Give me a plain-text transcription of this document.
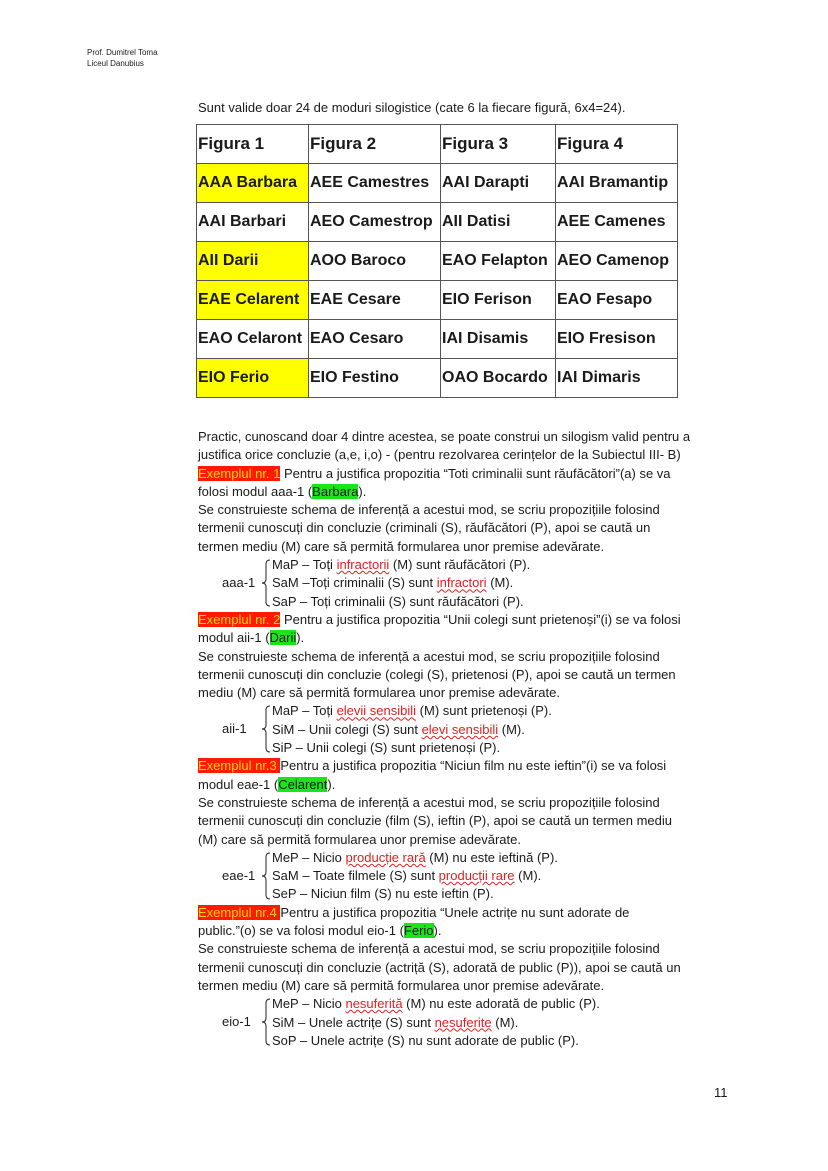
Prof. Dumitrel Toma
Liceul Danubius
Sunt valide doar 24 de moduri silogistice (cate 6 la fiecare figură, 6x4=24).
Figura 1	Figura 2	Figura 3	Figura 4
AAA Barbara	AEE Camestres	AAI Darapti	AAI Bramantip
AAI Barbari	AEO Camestrop	AII Datisi	AEE Camenes
AII Darii	AOO Baroco	EAO Felapton	AEO Camenop
EAE Celarent	EAE Cesare	EIO Ferison	EAO Fesapo
EAO Celaront	EAO Cesaro	IAI Disamis	EIO Fresison
EIO Ferio	EIO Festino	OAO Bocardo	IAI Dimaris
Practic, cunoscand doar 4 dintre acestea, se poate construi un silogism valid pentru a
justifica orice concluzie (a,e, i,o) - (pentru rezolvarea cerințelor de la Subiectul III- B)
Exemplul nr. 1 Pentru a justifica propozitia “Toti criminalii sunt răufăcători”(a) se va
folosi modul aaa-1 (Barbara).
Se construieste schema de inferență a acestui mod, se scriu propozițiile folosind
termenii cunoscuți din concluzie (criminali (S), răufăcători (P), apoi se caută un
termen mediu (M) care să permită formularea unor premise adevărate.
aaa-1
MaP – Toți infractorii (M) sunt răufăcători (P).
SaM –Toți criminalii (S) sunt infractori (M).
SaP – Toți criminalii (S) sunt răufăcători (P).
Exemplul nr. 2 Pentru a justifica propozitia “Unii colegi sunt prietenoși”(i) se va folosi
modul aii-1 (Darii).
Se construieste schema de inferență a acestui mod, se scriu propozițiile folosind
termenii cunoscuți din concluzie (colegi (S), prietenosi (P), apoi se caută un termen
mediu (M) care să permită formularea unor premise adevărate.
aii-1
MaP – Toți elevii sensibili (M) sunt prietenoși (P).
SiM – Unii colegi (S) sunt elevi sensibili (M).
SiP – Unii colegi (S) sunt prietenoși (P).
Exemplul nr.3 Pentru a justifica propozitia “Niciun film nu este ieftin”(i) se va folosi
modul eae-1 (Celarent).
Se construieste schema de inferență a acestui mod, se scriu propozițiile folosind
termenii cunoscuți din concluzie (film (S), ieftin (P), apoi se caută un termen mediu
(M) care să permită formularea unor premise adevărate.
eae-1
MeP – Nicio producție rară (M) nu este ieftină (P).
SaM – Toate filmele (S) sunt producții rare (M).
SeP – Niciun film (S) nu este ieftin (P).
Exemplul nr.4 Pentru a justifica propozitia “Unele actrițe nu sunt adorate de
public.”(o) se va folosi modul eio-1 (Ferio).
Se construieste schema de inferență a acestui mod, se scriu propozițiile folosind
termenii cunoscuți din concluzie (actriță (S), adorată de public (P)), apoi se caută un
termen mediu (M) care să permită formularea unor premise adevărate.
eio-1
MeP – Nicio nesuferită (M) nu este adorată de public (P).
SiM – Unele actrițe (S) sunt nesuferite (M).
SoP – Unele actrițe (S) nu sunt adorate de public (P).
11
